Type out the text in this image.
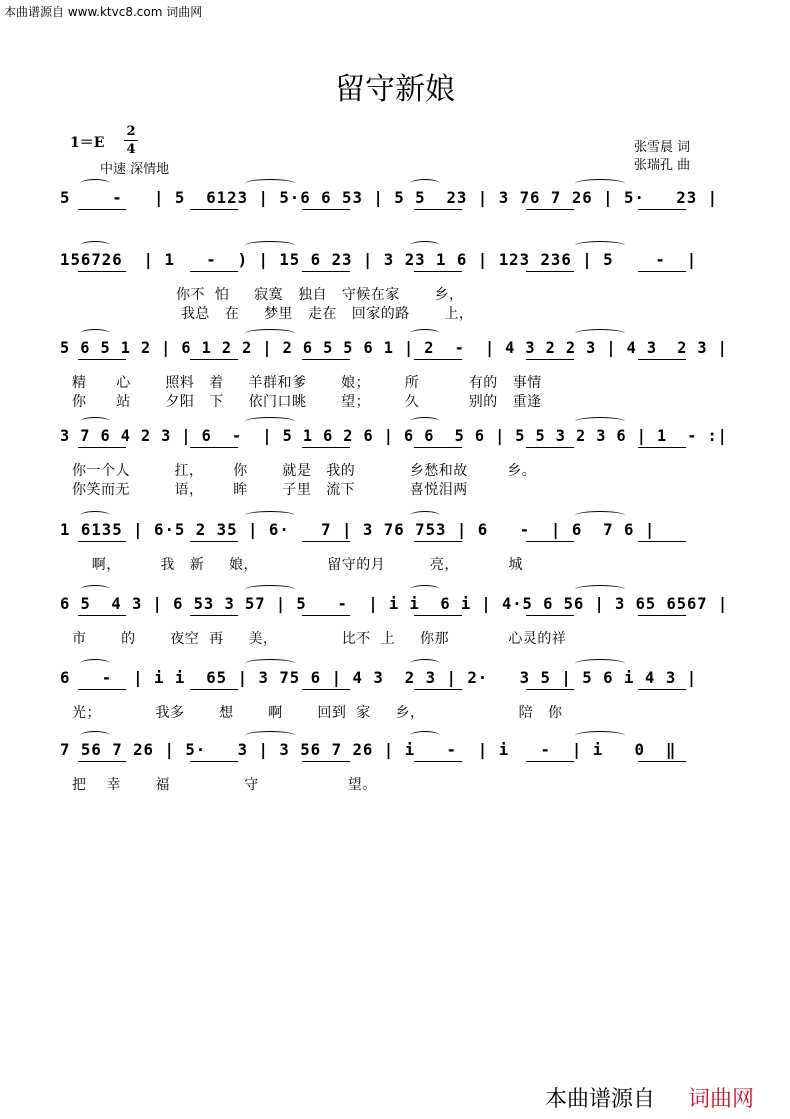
本曲谱源自 www.ktvc8.com 词曲网
留守新娘
1＝E
2
4
中速 深情地
张雪晨 词
张瑞孔 曲
5    -   | 5  6123 | 5·6 6 53 | 5 5  23 | 3 76 7 26 | 5·   23 |
156726  | 1   -  ) | 15 6 23 | 3 23 1 6 | 123 236 | 5    -  |
你不  怕     寂寞   独自   守候在家       乡，
我总   在     梦里   走在   回家的路       上，
5 6 5 1 2 | 6 1 2 2 | 2 6 5 5 6 1 | 2  -  | 4 3 2 2 3 | 4 3  2 3 |
精      心       照料   着     羊群和爹       娘；       所          有的   事情
你      站       夕阳   下     依门口眺       望；       久          别的   重逢
3 7 6 4 2 3 | 6  -  | 5 1 6 2 6 | 6 6  5 6 | 5 5 3 2 3 6 | 1  - :|
你一个人         扛，      你       就是   我的           乡愁和故        乡。
你笑而无         语，      眸       子里   流下           喜悦泪两
1 6135 | 6·5 2 35 | 6·   7 | 3 76 753 | 6   -  | 6  7 6 |
啊，        我   新     娘，              留守的月         亮，          城
6 5  4 3 | 6 53 3 57 | 5   -  | i i  6 i | 4·5 6 56 | 3 65 6567 |
市       的       夜空  再     美，             比不  上     你那            心灵的祥
6   -  | i i  65 | 3 75 6 | 4 3  2 3 | 2·   3 5 | 5 6 i 4 3 |
光；           我多       想       啊       回到  家     乡，                   陪   你
7 56 7 26 | 5·   3 | 3 56 7 26 | i   -  | i   -  | i   0  ‖
把    幸       福               守                  望。
本曲谱源自 词曲网
